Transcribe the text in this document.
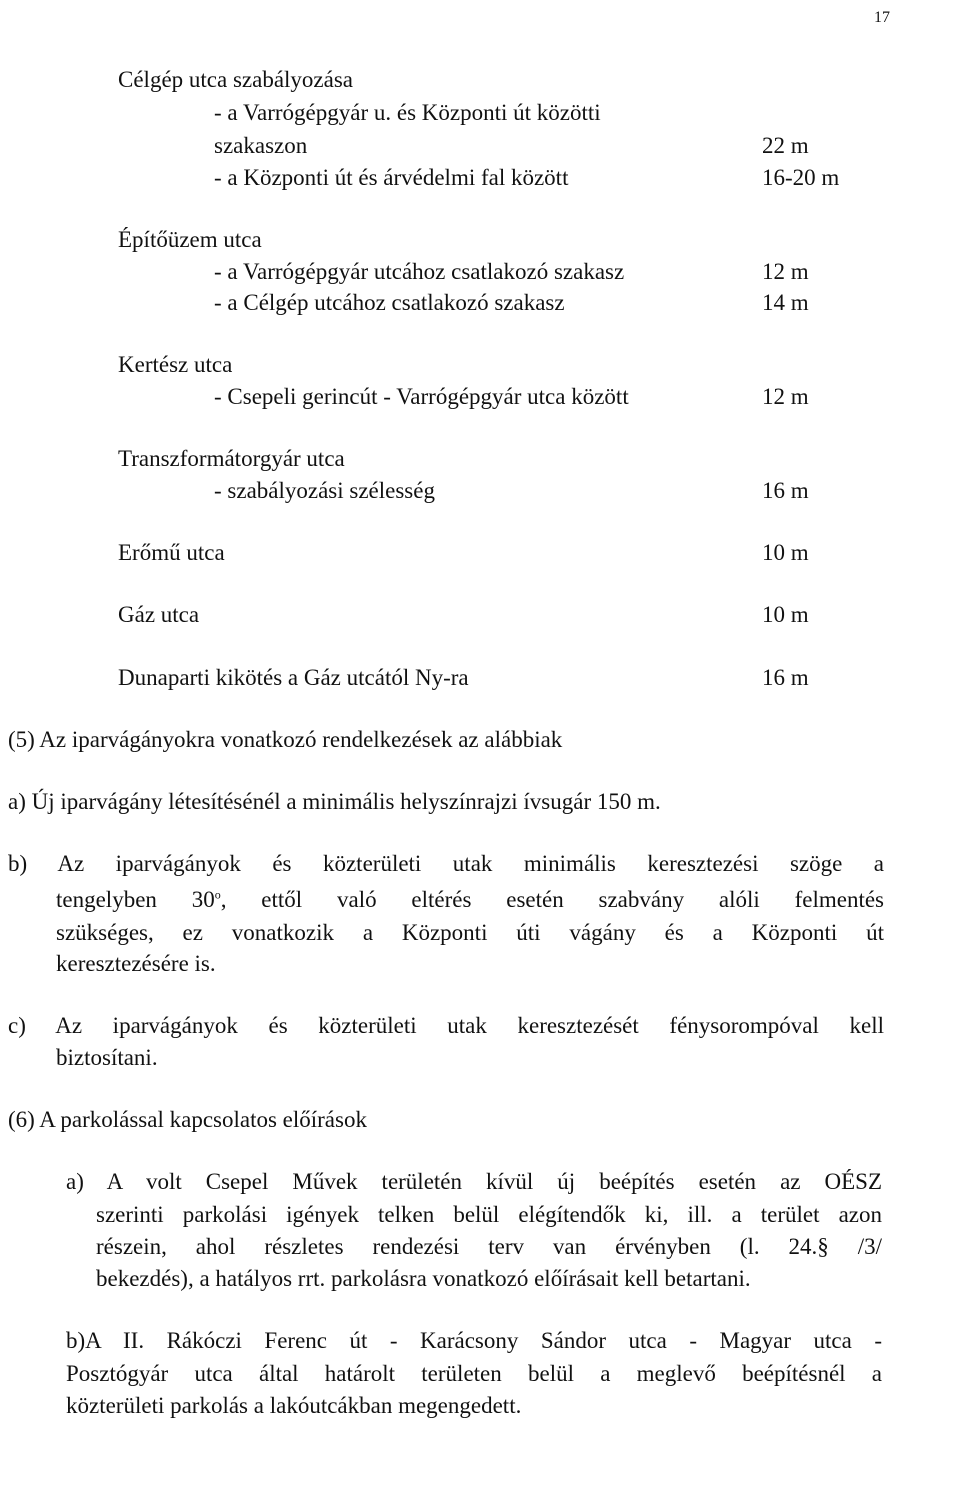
17
Célgép utca szabályozása
- a Varrógépgyár u. és Központi út közötti
szakaszon	22 m
- a Központi út és árvédelmi fal között	16-20 m
Építőüzem utca
- a Varrógépgyár utcához csatlakozó szakasz	12 m
- a Célgép utcához csatlakozó szakasz	14 m
Kertész utca
- Csepeli gerincút - Varrógépgyár utca között	12 m
Transzformátorgyár utca
- szabályozási szélesség	16 m
Erőmű utca	10 m
Gáz utca	10 m
Dunaparti kikötés a Gáz utcától Ny-ra	16 m
(5) Az iparvágányokra vonatkozó rendelkezések az alábbiak
a) Új iparvágány létesítésénél a minimális helyszínrajzi ívsugár 150 m.
b) Az iparvágányok és közterületi utak minimális keresztezési szöge a
tengelyben 30$^o$, ettől való eltérés esetén szabvány alóli felmentés
szükséges, ez vonatkozik a Központi úti vágány és a Központi út
keresztezésére is.
c) Az iparvágányok és közterületi utak keresztezését fénysorompóval kell
biztosítani.
(6) A parkolással kapcsolatos előírások
a) A volt Csepel Művek területén kívül új beépítés esetén az OÉSZ
szerinti parkolási igények telken belül elégítendők ki, ill. a terület azon
részein, ahol részletes rendezési terv van érvényben (l. 24.§ /3/
bekezdés), a hatályos rrt. parkolásra vonatkozó előírásait kell betartani.
b)A II. Rákóczi Ferenc út - Karácsony Sándor utca - Magyar utca -
Posztógyár utca által határolt területen belül a meglevő beépítésnél a
közterületi parkolás a lakóutcákban megengedett.
